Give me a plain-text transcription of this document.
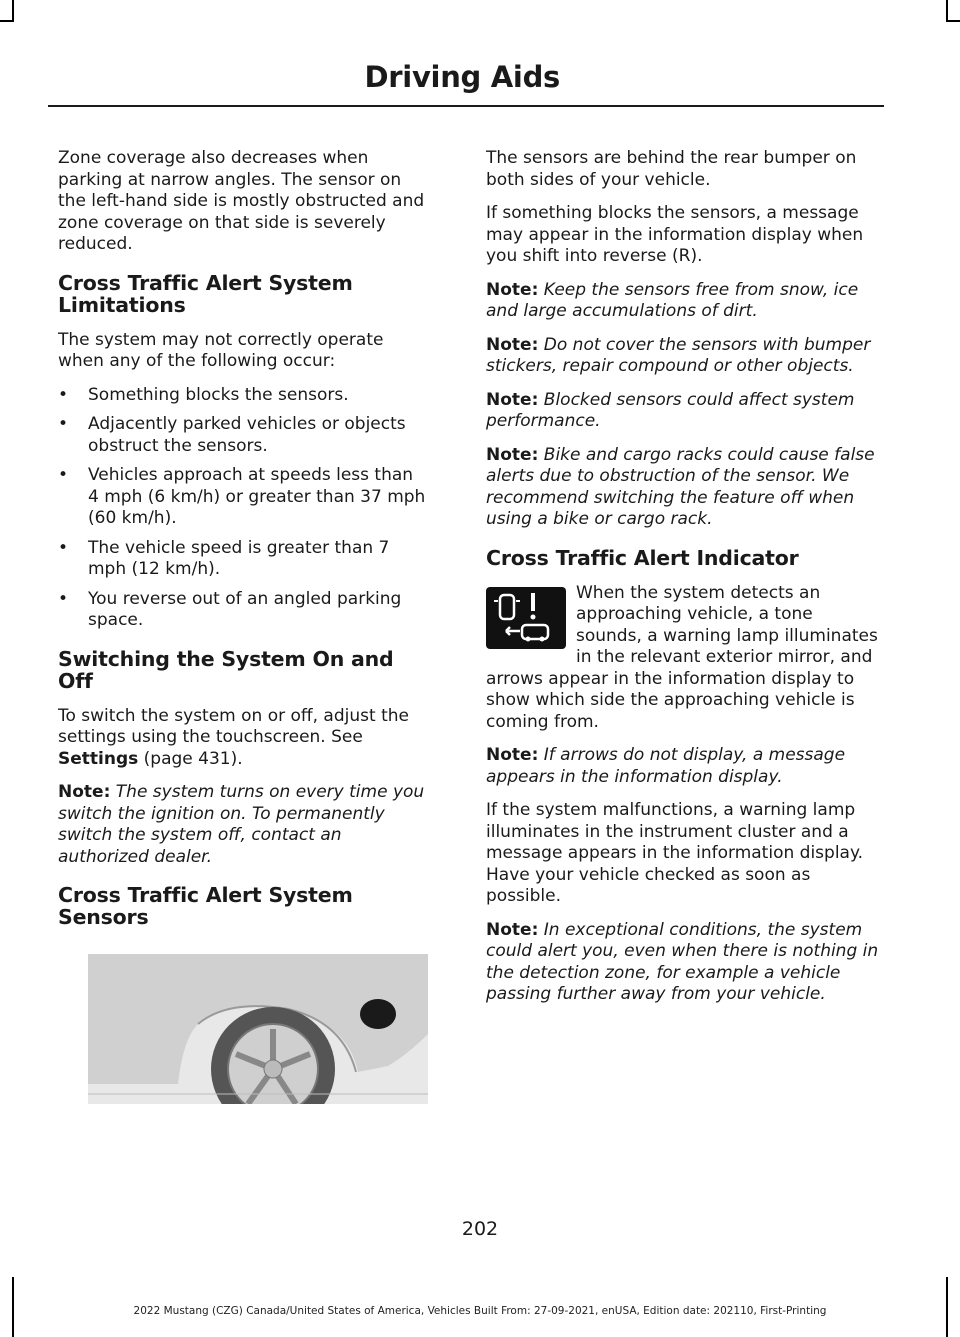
Driving Aids

Zone coverage also decreases when parking at narrow angles. The sensor on the left-hand side is mostly obstructed and zone coverage on that side is severely reduced.

Cross Traffic Alert System Limitations

The system may not correctly operate when any of the following occur:

• Something blocks the sensors.
• Adjacently parked vehicles or objects obstruct the sensors.
• Vehicles approach at speeds less than 4 mph (6 km/h) or greater than 37 mph (60 km/h).
• The vehicle speed is greater than 7 mph (12 km/h).
• You reverse out of an angled parking space.
Switching the System On and Off

To switch the system on or off, adjust the settings using the touchscreen. See
Settings (page 431).

Note: The system turns on every time you switch the ignition on. To permanently switch the system off, contact an authorized dealer.

Cross Traffic Alert System Sensors

The sensors are behind the rear bumper on both sides of your vehicle.

If something blocks the sensors, a message may appear in the information display when you shift into reverse (R).

Note: Keep the sensors free from snow, ice and large accumulations of dirt.

Note: Do not cover the sensors with bumper stickers, repair compound or other objects.

Note: Blocked sensors could affect system performance.

Note: Bike and cargo racks could cause false alerts due to obstruction of the sensor. We recommend switching the feature off when using a bike or cargo rack.

Cross Traffic Alert Indicator

When the system detects an approaching vehicle, a tone sounds, a warning lamp illuminates in the relevant exterior mirror, and arrows appear in the information display to show which side the approaching vehicle is coming from.

Note: If arrows do not display, a message appears in the information display.

If the system malfunctions, a warning lamp illuminates in the instrument cluster and a message appears in the information display. Have your vehicle checked as soon as possible.

Note: In exceptional conditions, the system could alert you, even when there is nothing in the detection zone, for example a vehicle passing further away from your vehicle.

202
2022 Mustang (CZG) Canada/United States of America, Vehicles Built From: 27-09-2021, enUSA, Edition date: 202110, First-Printing
